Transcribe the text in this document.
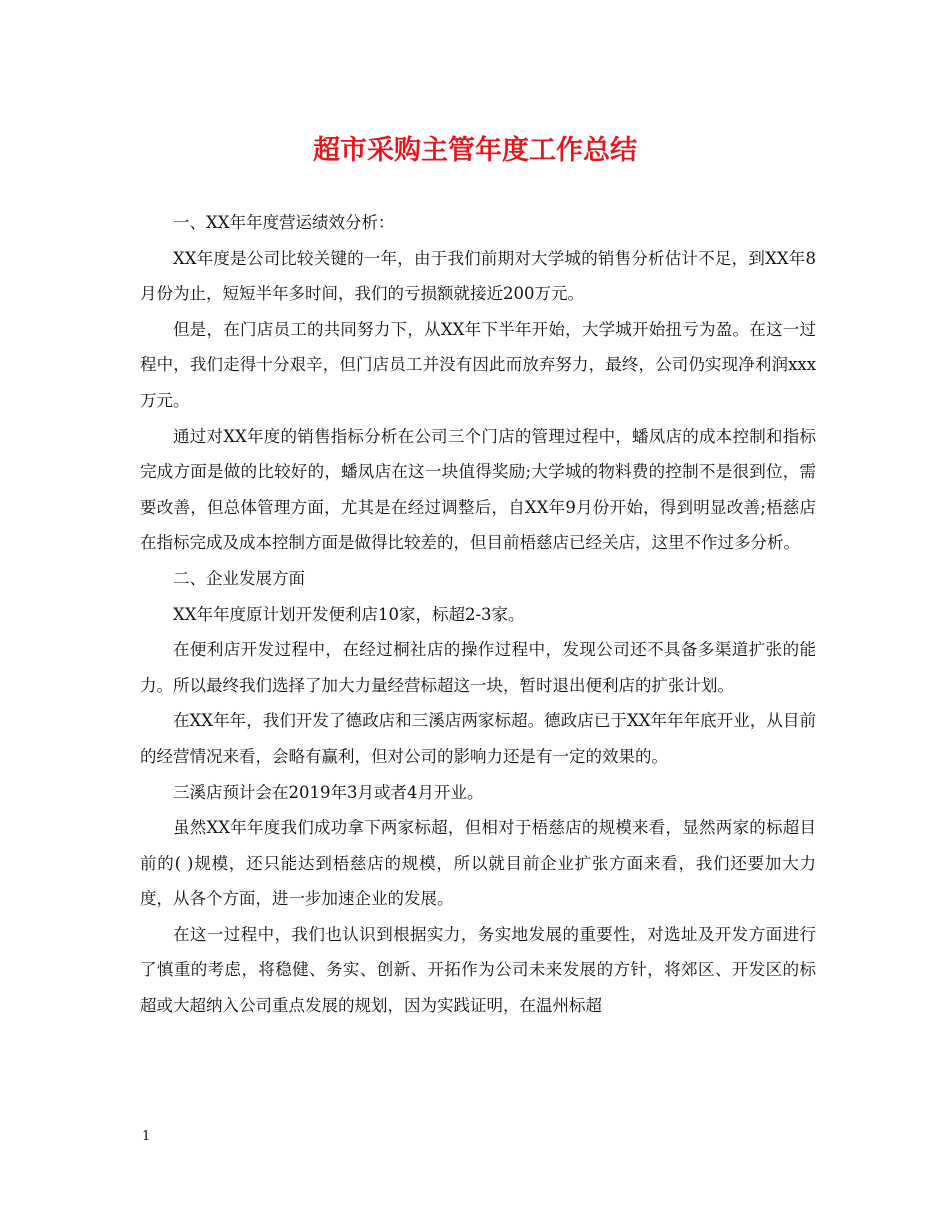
超市采购主管年度工作总结

一、XX年年度营运绩效分析：

XX年度是公司比较关键的一年，由于我们前期对大学城的销售分析估计不足，到XX年8月份为止，短短半年多时间，我们的亏损额就接近200万元。

但是，在门店员工的共同努力下，从XX年下半年开始，大学城开始扭亏为盈。在这一过程中，我们走得十分艰辛，但门店员工并没有因此而放弃努力，最终，公司仍实现净利润xxx万元。

通过对XX年度的销售指标分析在公司三个门店的管理过程中，蟠凤店的成本控制和指标完成方面是做的比较好的，蟠凤店在这一块值得奖励;大学城的物料费的控制不是很到位，需要改善，但总体管理方面，尤其是在经过调整后，自XX年9月份开始，得到明显改善;梧慈店在指标完成及成本控制方面是做得比较差的，但目前梧慈店已经关店，这里不作过多分析。

二、企业发展方面

XX年年度原计划开发便利店10家，标超2-3家。

在便利店开发过程中，在经过桐社店的操作过程中，发现公司还不具备多渠道扩张的能力。所以最终我们选择了加大力量经营标超这一块，暂时退出便利店的扩张计划。

在XX年年，我们开发了德政店和三溪店两家标超。德政店已于XX年年年底开业，从目前的经营情况来看，会略有赢利，但对公司的影响力还是有一定的效果的。

三溪店预计会在2019年3月或者4月开业。

虽然XX年年度我们成功拿下两家标超，但相对于梧慈店的规模来看，显然两家的标超目前的( )规模，还只能达到梧慈店的规模，所以就目前企业扩张方面来看，我们还要加大力度，从各个方面，进一步加速企业的发展。

在这一过程中，我们也认识到根据实力，务实地发展的重要性，对选址及开发方面进行了慎重的考虑，将稳健、务实、创新、开拓作为公司未来发展的方针，将郊区、开发区的标超或大超纳入公司重点发展的规划，因为实践证明，在温州标超

1
